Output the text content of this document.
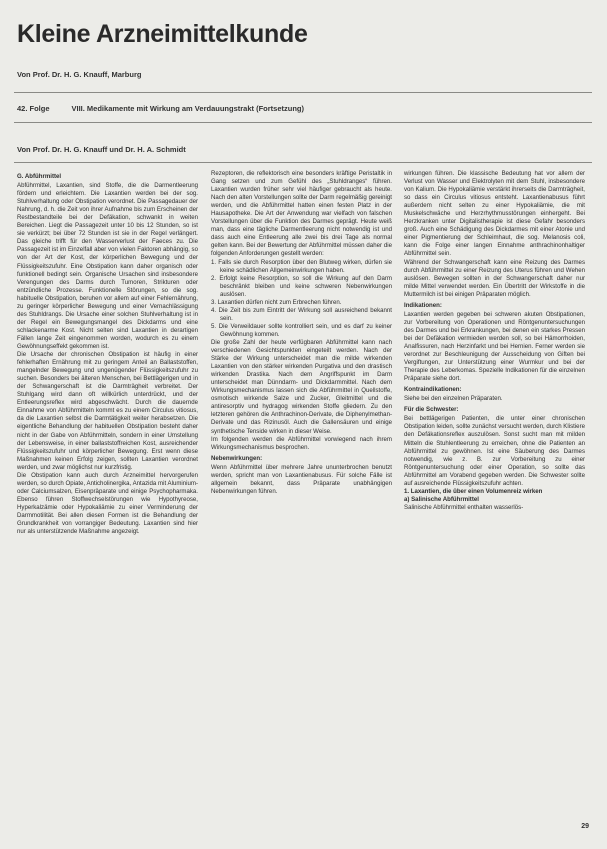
Kleine Arzneimittelkunde
Von Prof. Dr. H. G. Knauff, Marburg
42. Folge	VIII. Medikamente mit Wirkung am Verdauungstrakt (Fortsetzung)
Von Prof. Dr. H. G. Knauff und Dr. H. A. Schmidt

G. Abführmittel

Abführmittel, Laxantien, sind Stoffe, die die Darmentleerung fördern und erleichtern. Die Laxantien werden bei der sog. Stuhlverhaltung oder Obstipation verordnet. Die Passagedauer der Nahrung, d. h. die Zeit von ihrer Aufnahme bis zum Erscheinen der Restbestandteile bei der Defäkation, schwankt in weiten Bereichen. Liegt die Passagezeit unter 10 bis 12 Stunden, so ist sie verkürzt; bei über 72 Stunden ist sie in der Regel verlängert. Das gleiche trifft für den Wasserverlust der Faeces zu. Die Passagezeit ist im Einzelfall aber von vielen Faktoren abhängig, so von der Art der Kost, der körperlichen Bewegung und der Flüssigkeitszufuhr. Eine Obstipation kann daher organisch oder funktionell bedingt sein. Organische Ursachen sind insbesondere Verengungen des Darms durch Tumoren, Strikturen oder entzündliche Prozesse. Funktionelle Störungen, so die sog. habituelle Obstipation, beruhen vor allem auf einer Fehlernährung, zu geringer körperlicher Bewegung und einer Vernachlässigung des Stuhldrangs. Die Ursache einer solchen Stuhlverhaltung ist in der Regel ein Bewegungsmangel des Dickdarms und eine schlackenarme Kost. Nicht selten sind Laxantien in derartigen Fällen lange Zeit eingenommen worden, wodurch es zu einem Gewöhnungseffekt gekommen ist.

Die Ursache der chronischen Obstipation ist häufig in einer fehlerhaften Ernährung mit zu geringem Anteil an Ballaststoffen, mangelnder Bewegung und ungenügender Flüssigkeitszufuhr zu suchen. Besonders bei älteren Menschen, bei Bettlägerigen und in der Schwangerschaft ist die Darmträgheit verbreitet. Der Stuhlgang wird dann oft willkürlich unterdrückt, und der Entleerungsreflex wird abgeschwächt. Durch die dauernde Einnahme von Abführmitteln kommt es zu einem Circulus vitiosus, da die Laxantien selbst die Darmtätigkeit weiter herabsetzen. Die eigentliche Behandlung der habituellen Obstipation besteht daher nicht in der Gabe von Abführmitteln, sondern in einer Umstellung der Lebensweise, in einer ballaststoffreichen Kost, ausreichender Flüssigkeitszufuhr und körperlicher Bewegung. Erst wenn diese Maßnahmen keinen Erfolg zeigen, sollten Laxantien verordnet werden, und zwar möglichst nur kurzfristig.

Die Obstipation kann auch durch Arzneimittel hervorgerufen werden, so durch Opiate, Anticholinergika, Antazida mit Aluminium- oder Calciumsalzen, Eisenpräparate und einige Psychopharmaka. Ebenso führen Stoffwechselstörungen wie Hypothyreose, Hyperkalzämie oder Hypokaliämie zu einer Verminderung der Darmmotilität. Bei allen diesen Formen ist die Behandlung der Grundkrankheit von vorrangiger Bedeutung. Laxantien sind hier nur als unterstützende Maßnahme angezeigt.

Rezeptoren, die reflektorisch eine besonders kräftige Peristaltik in Gang setzen und zum Gefühl des „Stuhldranges“ führen. Laxantien wurden früher sehr viel häufiger gebraucht als heute. Nach den alten Vorstellungen sollte der Darm regelmäßig gereinigt werden, und die Abführmittel hatten einen festen Platz in der Hausapotheke. Die Art der Anwendung war vielfach von falschen Vorstellungen über die Funktion des Darmes geprägt. Heute weiß man, dass eine tägliche Darmentleerung nicht notwendig ist und dass auch eine Entleerung alle zwei bis drei Tage als normal gelten kann. Bei der Bewertung der Abführmittel müssen daher die folgenden Anforderungen gestellt werden:

1. Falls sie durch Resorption über den Blutweg wirken, dürfen sie keine schädlichen Allgemeinwirkungen haben.

2. Erfolgt keine Resorption, so soll die Wirkung auf den Darm beschränkt bleiben und keine schweren Nebenwirkungen auslösen.

3. Laxantien dürfen nicht zum Erbrechen führen.

4. Die Zeit bis zum Eintritt der Wirkung soll ausreichend bekannt sein.

5. Die Verweildauer sollte kontrolliert sein, und es darf zu keiner Gewöhnung kommen.

Die große Zahl der heute verfügbaren Abführmittel kann nach verschiedenen Gesichtspunkten eingeteilt werden. Nach der Stärke der Wirkung unterscheidet man die milde wirkenden Laxantien von den stärker wirkenden Purgativa und den drastisch wirkenden Drastika. Nach dem Angriffspunkt im Darm unterscheidet man Dünndarm- und Dickdarmmittel. Nach dem Wirkungsmechanismus lassen sich die Abführmittel in Quellstoffe, osmotisch wirkende Salze und Zucker, Gleitmittel und die antiresorptiv und hydragog wirkenden Stoffe gliedern. Zu den letzteren gehören die Anthrachinon-Derivate, die Diphenylmethan-Derivate und das Rizinusöl. Auch die Gallensäuren und einige synthetische Tenside wirken in dieser Weise.

Im folgenden werden die Abführmittel vorwiegend nach ihrem Wirkungsmechanismus besprochen.

Nebenwirkungen:

Wenn Abführmittel über mehrere Jahre ununterbrochen benutzt werden, spricht man von Laxantienabusus. Für solche Fälle ist allgemein bekannt, dass Präparate unabhängigen Nebenwirkungen führen.

wirkungen führen. Die klassische Bedeutung hat vor allem der Verlust von Wasser und Elektrolyten mit dem Stuhl, insbesondere von Kalium. Die Hypokaliämie verstärkt ihrerseits die Darmträgheit, so dass ein Circulus vitiosus entsteht. Laxantienabusus führt außerdem nicht selten zu einer Hypokaliämie, die mit Muskelschwäche und Herzrhythmusstörungen einhergeht. Bei Herzkranken unter Digitalistherapie ist diese Gefahr besonders groß. Auch eine Schädigung des Dickdarmes mit einer Atonie und einer Pigmentierung der Schleimhaut, die sog. Melanosis coli, kann die Folge einer langen Einnahme anthrachinonhaltiger Abführmittel sein.

Während der Schwangerschaft kann eine Reizung des Darmes durch Abführmittel zu einer Reizung des Uterus führen und Wehen auslösen. Bewegen sollten in der Schwangerschaft daher nur milde Mittel verwendet werden. Ein Übertritt der Wirkstoffe in die Muttermilch ist bei einigen Präparaten möglich.

Indikationen:

Laxantien werden gegeben bei schweren akuten Obstipationen, zur Vorbereitung von Operationen und Röntgenuntersuchungen des Darmes und bei Erkrankungen, bei denen ein starkes Pressen bei der Defäkation vermieden werden soll, so bei Hämorrhoiden, Analfissuren, nach Herzinfarkt und bei Hernien. Ferner werden sie verordnet zur Beschleunigung der Ausscheidung von Giften bei Vergiftungen, zur Unterstützung einer Wurmkur und bei der Therapie des Leberkomas. Spezielle Indikationen für die einzelnen Präparate siehe dort.

Kontraindikationen:

Siehe bei den einzelnen Präparaten.

Für die Schwester:

Bei bettlägerigen Patienten, die unter einer chronischen Obstipation leiden, sollte zunächst versucht werden, durch Klistiere den Defäkationsreflex auszulösen. Sonst sucht man mit milden Mitteln die Stuhlentleerung zu erreichen, ohne die Patienten an Abführmittel zu gewöhnen. Ist eine Säuberung des Darmes notwendig, wie z. B. zur Vorbereitung zu einer Röntgenuntersuchung oder einer Operation, so sollte das Abführmittel am Vorabend gegeben werden. Die Schwester sollte auf ausreichende Flüssigkeitszufuhr achten.

1. Laxantien, die über einen Volumenreiz wirken

a) Salinische Abführmittel

Salinische Abführmittel enthalten wasserlös-

29
